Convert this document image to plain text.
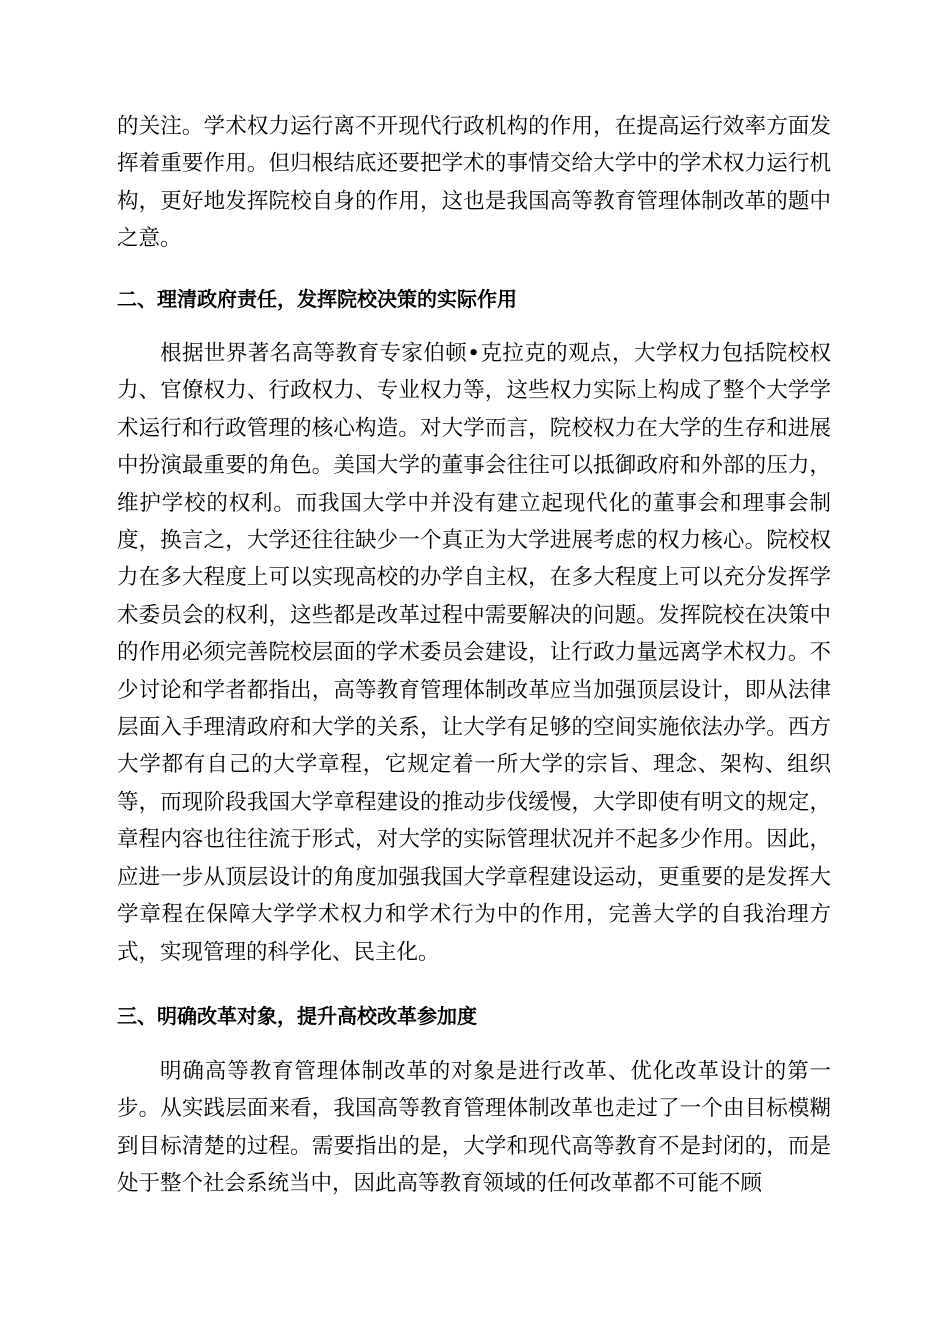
的关注。学术权力运行离不开现代行政机构的作用，在提高运行效率方面发挥着重要作用。但归根结底还要把学术的事情交给大学中的学术权力运行机构，更好地发挥院校自身的作用，这也是我国高等教育管理体制改革的题中之意。

二、理清政府责任，发挥院校决策的实际作用

根据世界著名高等教育专家伯顿•克拉克的观点，大学权力包括院校权力、官僚权力、行政权力、专业权力等，这些权力实际上构成了整个大学学术运行和行政管理的核心构造。对大学而言，院校权力在大学的生存和进展中扮演最重要的角色。美国大学的董事会往往可以抵御政府和外部的压力，维护学校的权利。而我国大学中并没有建立起现代化的董事会和理事会制度，换言之，大学还往往缺少一个真正为大学进展考虑的权力核心。院校权力在多大程度上可以实现高校的办学自主权，在多大程度上可以充分发挥学术委员会的权利，这些都是改革过程中需要解决的问题。发挥院校在决策中的作用必须完善院校层面的学术委员会建设，让行政力量远离学术权力。不少讨论和学者都指出，高等教育管理体制改革应当加强顶层设计，即从法律层面入手理清政府和大学的关系，让大学有足够的空间实施依法办学。西方大学都有自己的大学章程，它规定着一所大学的宗旨、理念、架构、组织等，而现阶段我国大学章程建设的推动步伐缓慢，大学即使有明文的规定，章程内容也往往流于形式，对大学的实际管理状况并不起多少作用。因此，应进一步从顶层设计的角度加强我国大学章程建设运动，更重要的是发挥大学章程在保障大学学术权力和学术行为中的作用，完善大学的自我治理方式，实现管理的科学化、民主化。

三、明确改革对象，提升高校改革参加度

明确高等教育管理体制改革的对象是进行改革、优化改革设计的第一步。从实践层面来看，我国高等教育管理体制改革也走过了一个由目标模糊到目标清楚的过程。需要指出的是，大学和现代高等教育不是封闭的，而是处于整个社会系统当中，因此高等教育领域的任何改革都不可能不顾
